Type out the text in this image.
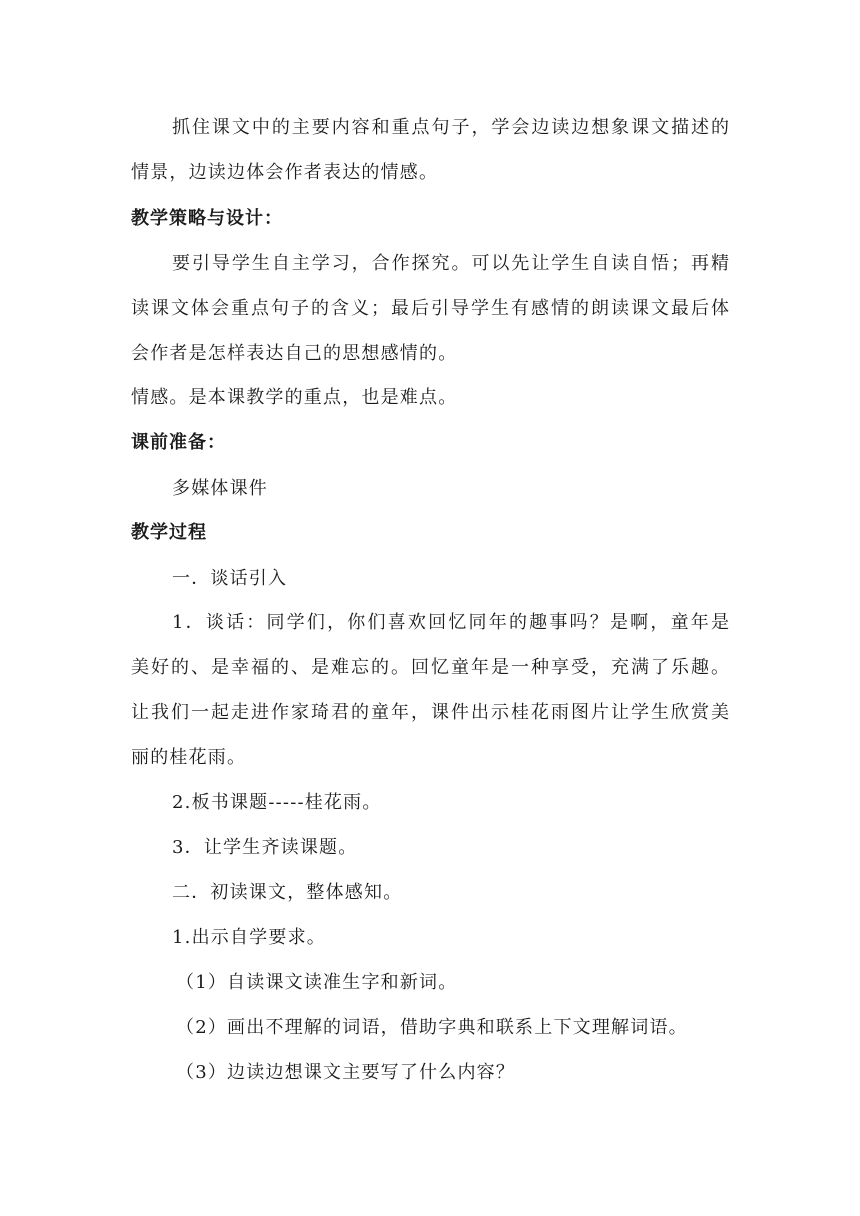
抓住课文中的主要内容和重点句子，学会边读边想象课文描述的
情景，边读边体会作者表达的情感。
教学策略与设计：
要引导学生自主学习，合作探究。可以先让学生自读自悟；再精
读课文体会重点句子的含义；最后引导学生有感情的朗读课文最后体
会作者是怎样表达自己的思想感情的。
情感。是本课教学的重点，也是难点。
课前准备：
多媒体课件
教学过程
一．谈话引入
1．谈话：同学们，你们喜欢回忆同年的趣事吗？是啊，童年是
美好的、是幸福的、是难忘的。回忆童年是一种享受，充满了乐趣。
让我们一起走进作家琦君的童年，课件出示桂花雨图片让学生欣赏美
丽的桂花雨。
2.板书课题-----桂花雨。
3．让学生齐读课题。
二．初读课文，整体感知。
1.出示自学要求。
（1）自读课文读准生字和新词。
（2）画出不理解的词语，借助字典和联系上下文理解词语。
（3）边读边想课文主要写了什么内容？
